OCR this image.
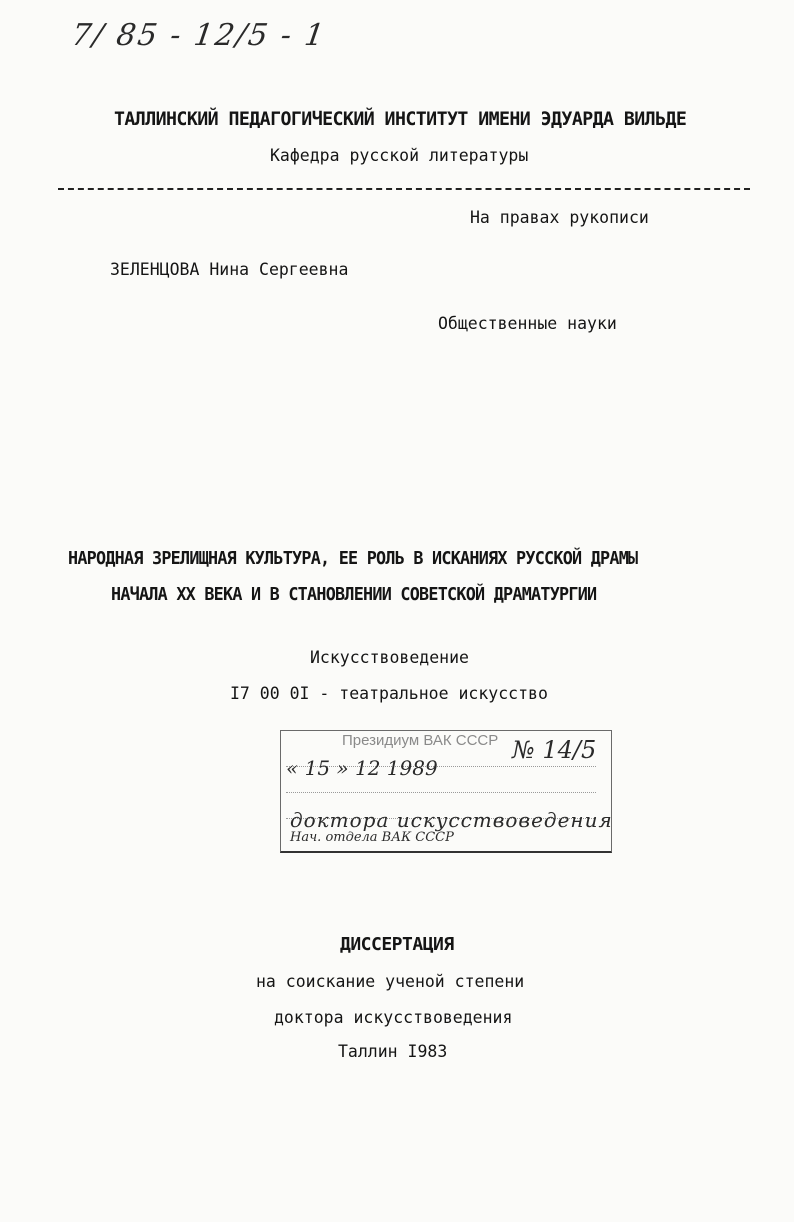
7/ 85 - 12/5 - 1
ТАЛЛИНСКИЙ ПЕДАГОГИЧЕСКИЙ ИНСТИТУТ ИМЕНИ ЭДУАРДА ВИЛЬДЕ
Кафедра русской литературы
На правах рукописи
ЗЕЛЕНЦОВА Нина Сергеевна
Общественные науки
НАРОДНАЯ ЗРЕЛИЩНАЯ КУЛЬТУРА, ЕЕ РОЛЬ В ИСКАНИЯХ РУССКОЙ ДРАМЫ
НАЧАЛА XX ВЕКА И В СТАНОВЛЕНИИ СОВЕТСКОЙ ДРАМАТУРГИИ
Искусствоведение
I7 00 0I - театральное искусство
Президиум ВАК СССР
« 15 » 12 1989
№ 14/5
доктора искусствоведения
Нач. отдела ВАК СССР
ДИССЕРТАЦИЯ
на соискание ученой степени
доктора искусствоведения
Таллин I983
